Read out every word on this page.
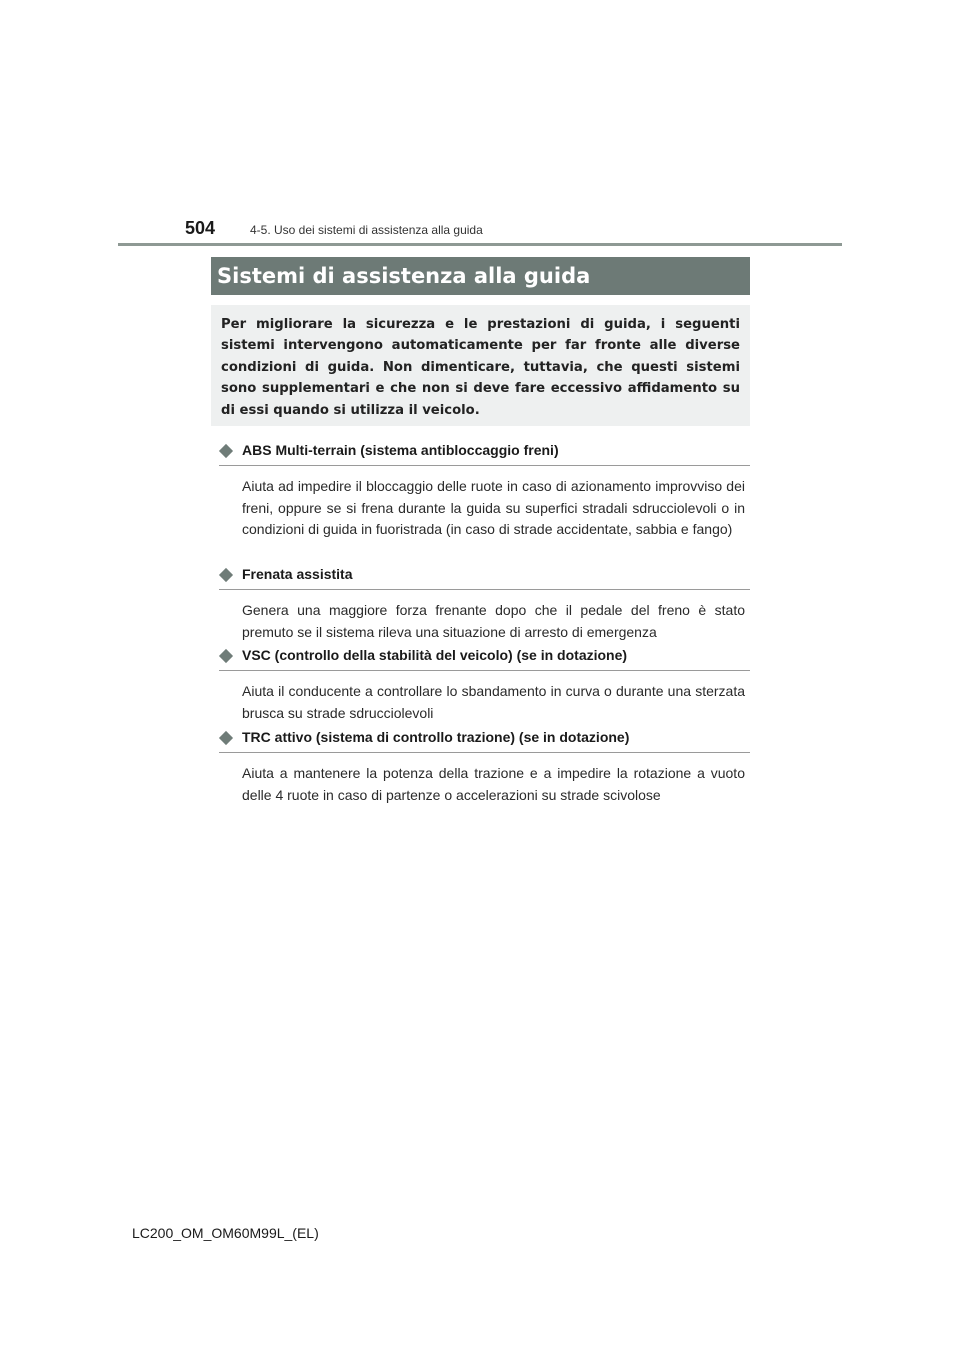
504	4-5. Uso dei sistemi di assistenza alla guida
Sistemi di assistenza alla guida
Per migliorare la sicurezza e le prestazioni di guida, i seguenti sistemi intervengono automaticamente per far fronte alle diverse condizioni di guida. Non dimenticare, tuttavia, che questi sistemi sono supplementari e che non si deve fare eccessivo affidamento su di essi quando si utilizza il veicolo.
ABS Multi-terrain (sistema antibloccaggio freni)
Aiuta ad impedire il bloccaggio delle ruote in caso di azionamento improvviso dei freni, oppure se si frena durante la guida su superfici stradali sdrucciolevoli o in condizioni di guida in fuoristrada (in caso di strade accidentate, sabbia e fango)
Frenata assistita
Genera una maggiore forza frenante dopo che il pedale del freno è stato premuto se il sistema rileva una situazione di arresto di emergenza
VSC (controllo della stabilità del veicolo) (se in dotazione)
Aiuta il conducente a controllare lo sbandamento in curva o durante una sterzata brusca su strade sdrucciolevoli
TRC attivo (sistema di controllo trazione) (se in dotazione)
Aiuta a mantenere la potenza della trazione e a impedire la rotazione a vuoto delle 4 ruote in caso di partenze o accelerazioni su strade scivolose
LC200_OM_OM60M99L_(EL)
